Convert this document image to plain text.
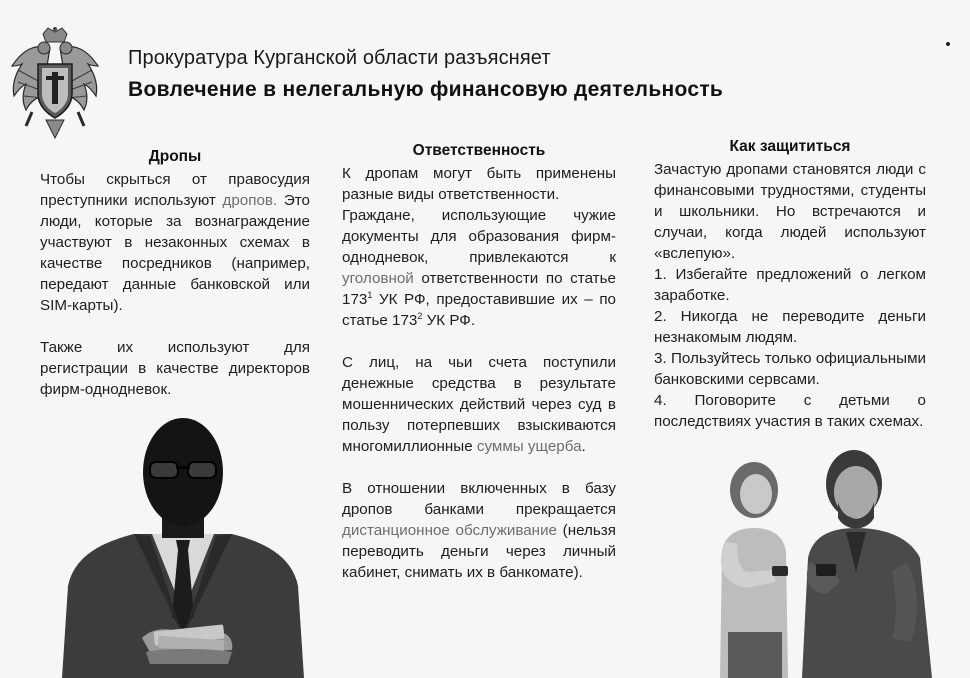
Прокуратура Курганской области разъясняет
Вовлечение в нелегальную финансовую деятельность
Дропы

Чтобы скрыться от правосудия преступники используют дропов. Это люди, которые за вознаграждение участвуют в незаконных схемах в качестве посредников (например, передают данные банковской или SIM-карты).

Также их используют для регистрации в качестве директоров фирм-однодневок.

Ответственность

К дропам могут быть применены разные виды ответственности.

Граждане, использующие чужие документы для образования фирм-однодневок, привлекаются к уголовной ответственности по статье $173^1$ УК РФ, предоставившие их – по статье $173^2$ УК РФ.

С лиц, на чьи счета поступили денежные средства в результате мошеннических действий через суд в пользу потерпевших взыскиваются многомиллионные суммы ущерба.

В отношении включенных в базу дропов банками прекращается дистанционное обслуживание (нельзя переводить деньги через личный кабинет, снимать их в банкомате).

Как защититься

Зачастую дропами становятся люди с финансовыми трудностями, студенты и школьники. Но встречаются и случаи, когда людей используют «вслепую».

1. Избегайте предложений о легком заработке.
2. Никогда не переводите деньги незнакомым людям.
3. Пользуйтесь только официальными банковскими сервсами.
4. Поговорите с детьми о последствиях участия в таких схемах.
